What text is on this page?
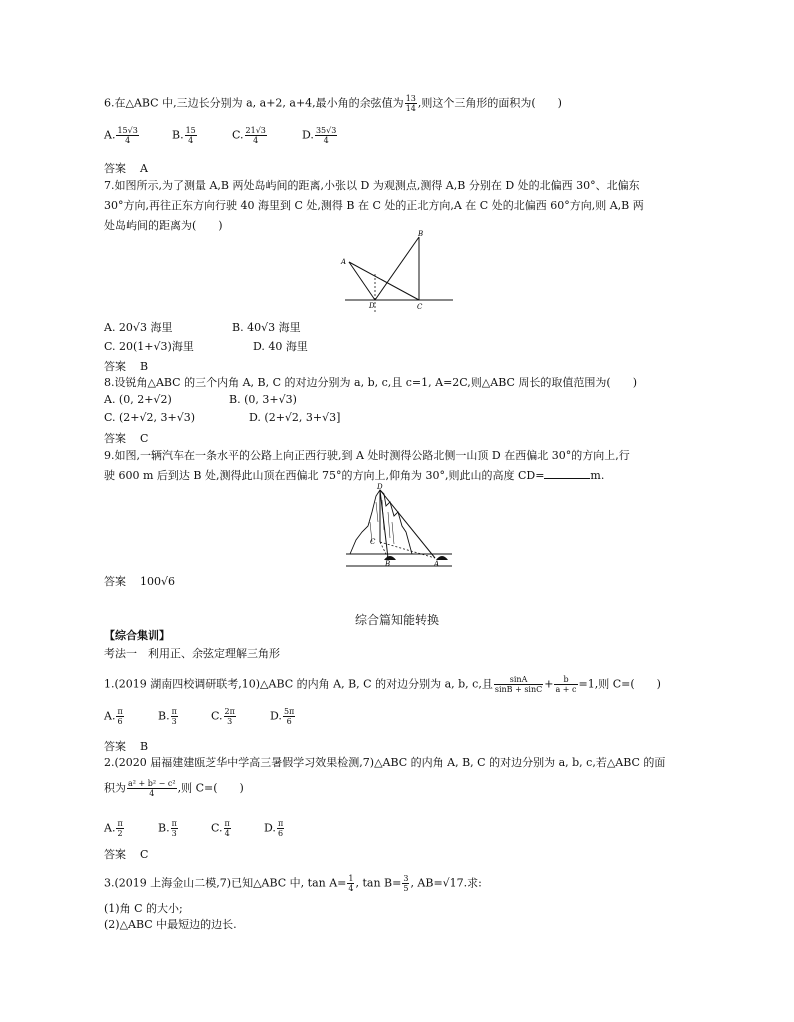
6.在△ABC 中,三边长分别为 a, a+2, a+4,最小角的余弦值为 $\frac{13}{14}$ ,则这个三角形的面积为(　　)
A. $\frac{15√3}{4}$	B. $\frac{15}{4}$	C. $\frac{21√3}{4}$	D. $\frac{35√3}{4}$
答案 A
7.如图所示,为了测量 A,B 两处岛屿间的距离,小张以 D 为观测点,测得 A,B 分别在 D 处的北偏西 30°、北偏东
30°方向,再往正东方向行驶 40 海里到 C 处,测得 B 在 C 处的正北方向,A 在 C 处的北偏西 60°方向,则 A,B 两
处岛屿间的距离为(　　)
A
B
C
D
A. 20√3 海里	B. 40√3 海里
C. 20(1+√3)海里	D. 40 海里
答案 B
8.设锐角△ABC 的三个内角 A, B, C 的对边分别为 a, b, c,且 c=1, A=2C,则△ABC 周长的取值范围为(　　)
A. (0, 2+√2)	B. (0, 3+√3)
C. (2+√2, 3+√3)	D. (2+√2, 3+√3]
答案 C
9.如图,一辆汽车在一条水平的公路上向正西行驶,到 A 处时测得公路北侧一山顶 D 在西偏北 30°的方向上,行
驶 600 m 后到达 B 处,测得此山顶在西偏北 75°的方向上,仰角为 30°,则此山的高度 CD=	m.
D
C
B	A
答案 100√6
综合篇知能转换
【综合集训】
考法一　利用正、余弦定理解三角形
1.(2019 湖南四校调研联考,10)△ABC 的内角 A, B, C 的对边分别为 a, b, c,且 $\frac{\sin A}{\sin B + \sin C} + \frac{b}{a + c} =1$,则 C=(　　)
A. $\frac{\pi}{6}$	B. $\frac{\pi}{3}$	C. $\frac{2\pi}{3}$	D. $\frac{5\pi}{6}$
答案 B
2.(2020 届福建建瓯芝华中学高三暑假学习效果检测,7)△ABC 的内角 A, B, C 的对边分别为 a, b, c,若△ABC 的面
积为 $\frac{\text{a² + b² − c²}}{4}$ ,则 C=(　　)
A. $\frac{\pi}{2}$	B. $\frac{\pi}{3}$	C. $\frac{\pi}{4}$	D. $\frac{\pi}{6}$
答案 C
3.(2019 上海金山二模,7)已知△ABC 中, $\tan A= \frac{1}{4}$ , $\tan B= \frac{3}{5}$ , AB=√17.求:
(1)角 C 的大小;
(2)△ABC 中最短边的边长.
